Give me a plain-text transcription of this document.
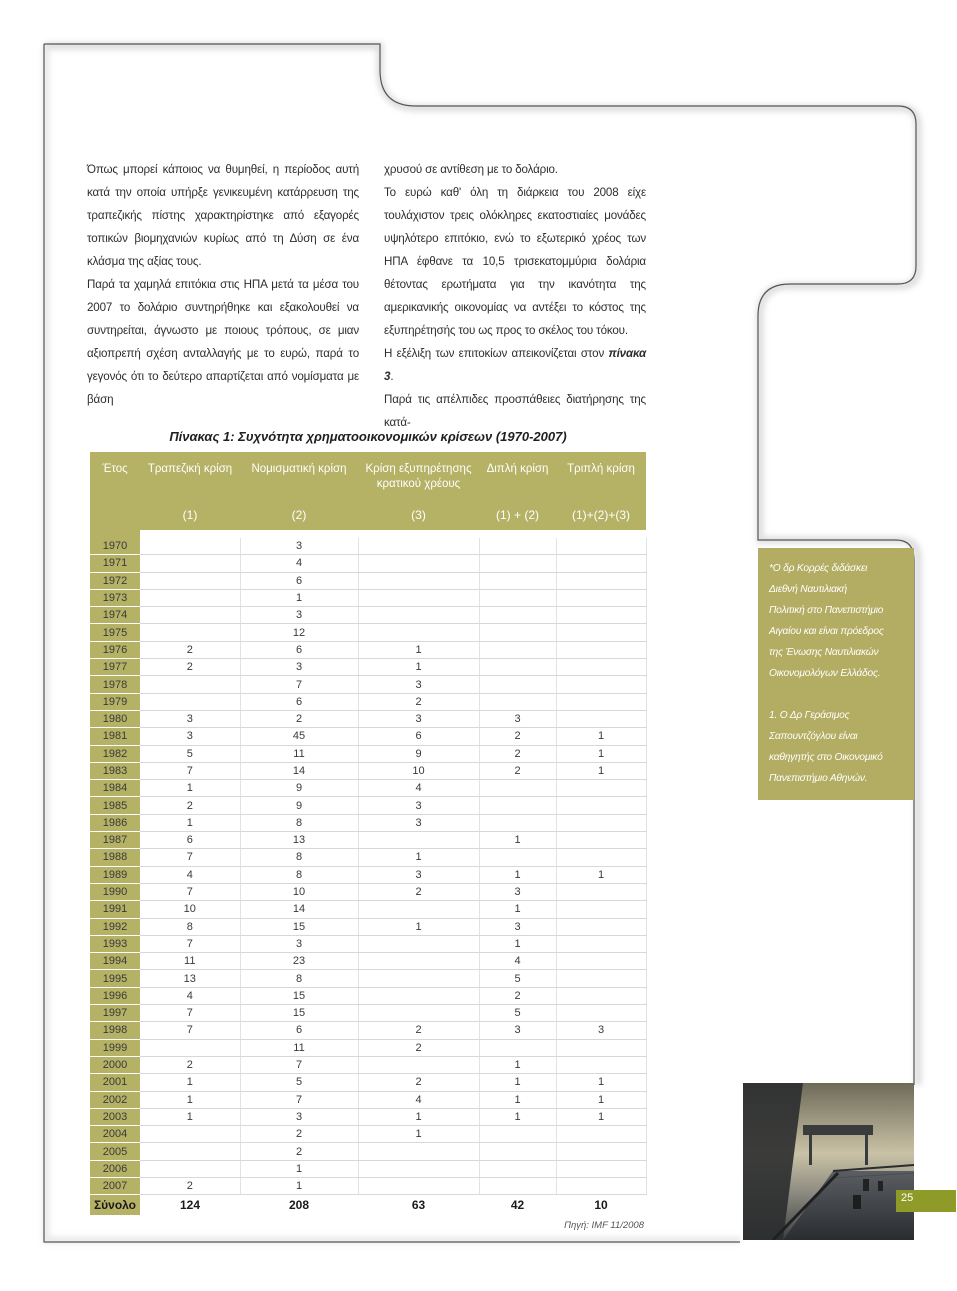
Όπως μπορεί κάποιος να θυμηθεί, η περίοδος αυτή κατά την οποία υπήρξε γενικευμένη κατάρρευση της τραπεζικής πίστης χαρακτηρίστηκε από εξαγορές τοπικών βιομηχανιών κυρίως από τη Δύση σε ένα κλάσμα της αξίας τους.

Παρά τα χαμηλά επιτόκια στις ΗΠΑ μετά τα μέσα του 2007 το δολάριο συντηρήθηκε και εξακολουθεί να συντηρείται, άγνωστο με ποιους τρόπους, σε μιαν αξιοπρεπή σχέση ανταλλαγής με το ευρώ, παρά το γεγονός ότι το δεύτερο απαρτίζεται από νομίσματα με βάση

χρυσού σε αντίθεση με το δολάριο.

Το ευρώ καθ' όλη τη διάρκεια του 2008 είχε τουλάχιστον τρεις ολόκληρες εκατοστιαίες μονάδες υψηλότερο επιτόκιο, ενώ το εξωτερικό χρέος των ΗΠΑ έφθανε τα 10,5 τρισεκατομμύρια δολάρια θέτοντας ερωτήματα για την ικανότητα της αμερικανικής οικονομίας να αντέξει το κόστος της εξυπηρέτησής του ως προς το σκέλος του τόκου.

Η εξέλιξη των επιτοκίων απεικονίζεται στον πίνακα 3.

Παρά τις απέλπιδες προσπάθειες διατήρησης της κατά-

Πίνακας 1: Συχνότητα χρηματοοικονομικών κρίσεων (1970-2007)
Έτος	Τραπεζική κρίση	Νομισματική κρίση	Κρίση εξυπηρέτησης κρατικού χρέους	Διπλή κρίση	Τριπλή κρίση
	(1)	(2)	(3)	(1) + (2)	(1)+(2)+(3)

1970		3			
1971		4			
1972		6			
1973		1			
1974		3			
1975		12			
1976	2	6	1		
1977	2	3	1		
1978		7	3		
1979		6	2		
1980	3	2	3	3	
1981	3	45	6	2	1
1982	5	11	9	2	1
1983	7	14	10	2	1
1984	1	9	4		
1985	2	9	3		
1986	1	8	3		
1987	6	13		1	
1988	7	8	1		
1989	4	8	3	1	1
1990	7	10	2	3	
1991	10	14		1	
1992	8	15	1	3	
1993	7	3		1	
1994	11	23		4	
1995	13	8		5	
1996	4	15		2	
1997	7	15		5	
1998	7	6	2	3	3
1999		11	2		
2000	2	7		1	
2001	1	5	2	1	1
2002	1	7	4	1	1
2003	1	3	1	1	1
2004		2	1		
2005		2			
2006		1			
2007	2	1			
Σύνολο	124	208	63	42	10
Πηγή: IMF 11/2008

*Ο δρ Κορρές διδάσκει

Διεθνή Ναυτιλιακή

Πολιτική στο Πανεπιστήμιο

Αιγαίου και είναι πρόεδρος

της Ένωσης Ναυτιλιακών

Οικονομολόγων Ελλάδος.

1. Ο Δρ Γεράσιμος

Σαπουντζόγλου είναι

καθηγητής στο Οικονομικό

Πανεπιστήμιο Αθηνών.

25
